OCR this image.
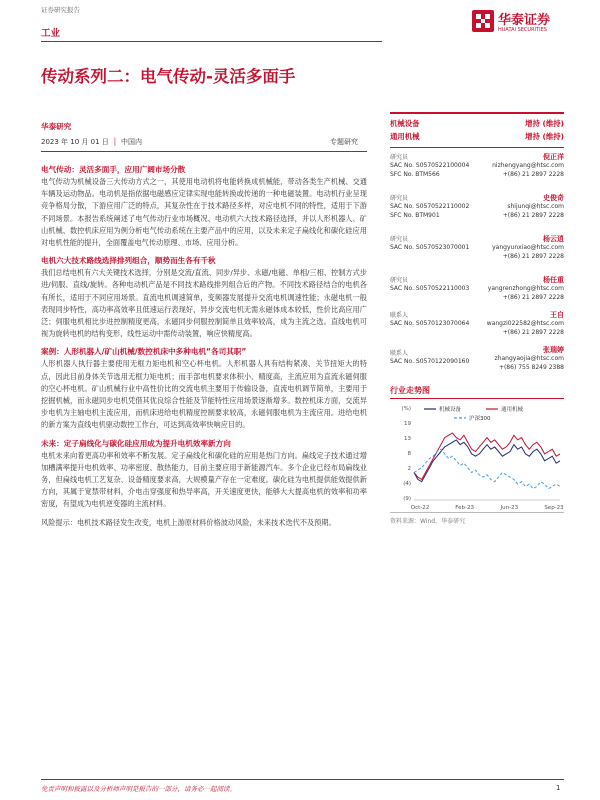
证券研究报告
工业
华泰证券
HUATAI SECURITIES
传动系列二：电气传动-灵活多面手
华泰研究
2023 年 10 月 01 日 │ 中国内	专题研究

电气传动：灵活多面手，应用广阔市场分散

电气传动为机械设备三大传动方式之一，其使用电动机将电能转换成机械能，带动各类生产机械、交通车辆及运动物品。电动机是指依据电磁感应定律实现电能转换或传递的一种电磁装置。电动机行业呈现竞争格局分散，下游应用广泛的特点，其复杂性在于技术路径多样，对应电机不同的特性，适用于下游不同场景。本报告系统阐述了电气传动行业市场概况、电动机六大技术路径选择，并以人形机器人、矿山机械、数控机床应用为例分析电气传动系统在主要产品中的应用，以及未来定子扁线化和碳化硅应用对电机性能的提升，全面覆盖电气传动原理、市场、应用分析。

电机六大技术路线选择排列组合，顺势而生各有千秋

我们总结电机有六大关键技术选择，分别是交流/直流、同步/异步、永磁/电磁、单相/三相、控制方式步进/伺服、直线/旋转。各种电动机产品是不同技术路线排列组合后的产物。不同技术路径结合的电机各有所长，适用于不同应用场景。直流电机调速简单，变频器发展提升交流电机调速性能；永磁电机一般表现同步特性，高功率高效率且低速运行表现好，异步交流电机无需永磁体成本较低，性价比高应用广泛；伺服电机相比步进控制精度更高，永磁同步伺服控制简单且效率较高，成为主流之选。直线电机可视为旋转电机的结构变形，线性运动中需传动装置，响应快精度高。

案例：人形机器人/矿山机械/数控机床中多种电机“各司其职”

人形机器人执行器主要使用无框力矩电机和空心杯电机。人形机器人具有结构紧凑、关节扭矩大的特点，因此目前身体关节选用无框力矩电机；而手部电机要求体积小、精度高，主流应用为直流永磁伺服的空心杯电机。矿山机械行业中高性价比的交流电机主要用于传输设备，直流电机调节简单，主要用于挖掘机械，而永磁同步电机凭借其优良综合性能及节能特性应用场景逐渐增多。数控机床方面，交流异步电机为主轴电机主流应用，而机床进给电机精度控制要求较高，永磁伺服电机为主流应用。进给电机的新方案为直线电机驱动数控工作台，可达到高效率快响应目的。

未来：定子扁线化与碳化硅应用成为提升电机效率新方向

电机未来向着更高功率和效率不断发展。定子扁线化和碳化硅的应用是热门方向。扁线定子技术通过增加槽满率提升电机效率、功率密度、散热能力，目前主要应用于新能源汽车。多个企业已经布局扁线业务，但扁线电机工艺复杂、设备精度要求高，大规模量产存在一定难度。碳化硅为电机提供能效提供新方向，其属于宽禁带材料，介电击穿强度和热导率高，开关速度更快，能够大大提高电机的效率和功率密度，有望成为电机逆变器的主流材料。

风险提示：电机技术路径发生改变，电机上游原材料价格波动风险，未来技术迭代不及预期。

机械设备	增持 (维持)
通用机械	增持 (维持)
研究员	倪正洋
SAC No. S0570522100004	nizhengyang@htsc.com
SFC No. BTM566	+(86) 21 2897 2228
研究员	史俊奇
SAC No. S0570522110002	shijunqi@htsc.com
SFC No. BTM901	+(86) 21 2897 2228
研究员	杨云逍
SAC No. S0570523070001	yangyunxiao@htsc.com
+(86) 21 2897 2228
研究员	杨任重
SAC No. S0570522110003	yangrenzhong@htsc.com
+(86) 21 2897 2228
联系人	王自
SAC No. S0570123070064	wangzi022582@htsc.com
+(86) 21 2897 2228
联系人	张瑞婷
SAC No. S0570122090160	zhangyaojia@htsc.com
+(86) 755 8249 2388
行业走势图
(%)
19
13
8
2
(4)
(9)
机械设备	通用机械
沪深300
Oct-22	Feb-23	Jun-23	Sep-23
资料来源：Wind，华泰研究
免责声明和披露以及分析师声明是报告的一部分，请务必一起阅读。	1
